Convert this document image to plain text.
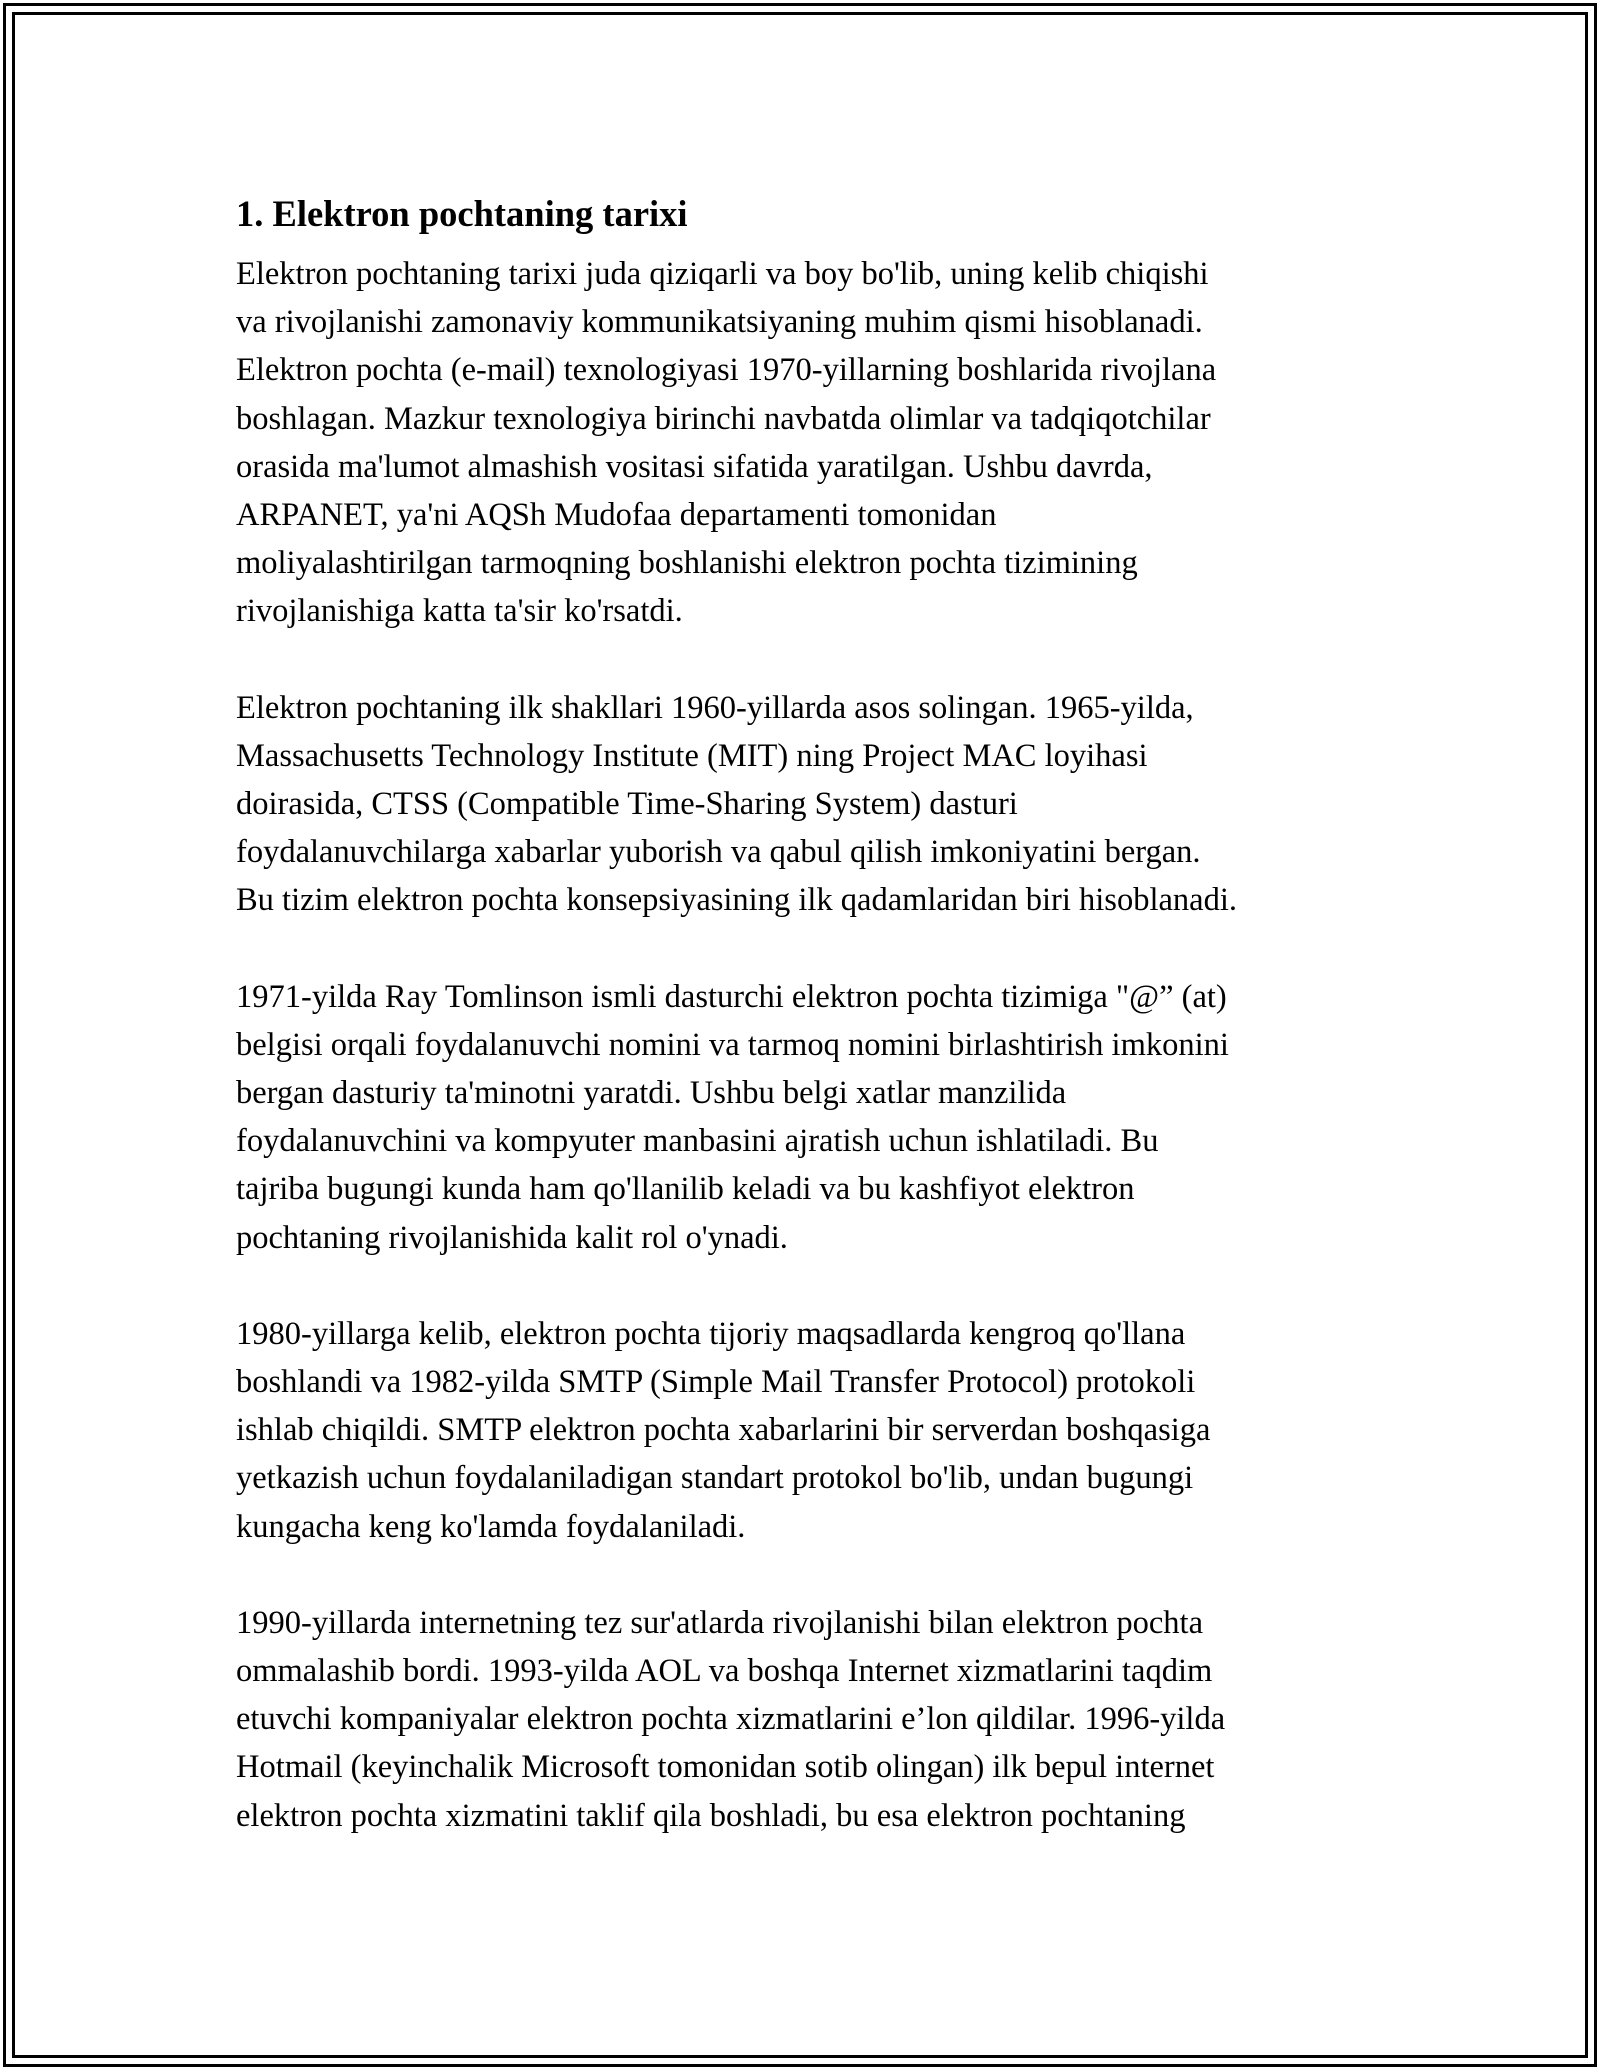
1. Elektron pochtaning tarixi

Elektron pochtaning tarixi juda qiziqarli va boy bo'lib, uning kelib chiqishi
va rivojlanishi zamonaviy kommunikatsiyaning muhim qismi hisoblanadi.
Elektron pochta (e-mail) texnologiyasi 1970-yillarning boshlarida rivojlana
boshlagan. Mazkur texnologiya birinchi navbatda olimlar va tadqiqotchilar
orasida ma'lumot almashish vositasi sifatida yaratilgan. Ushbu davrda,
ARPANET, ya'ni AQSh Mudofaa departamenti tomonidan
moliyalashtirilgan tarmoqning boshlanishi elektron pochta tizimining
rivojlanishiga katta ta'sir ko'rsatdi.

Elektron pochtaning ilk shakllari 1960-yillarda asos solingan. 1965-yilda,
Massachusetts Technology Institute (MIT) ning Project MAC loyihasi
doirasida, CTSS (Compatible Time-Sharing System) dasturi
foydalanuvchilarga xabarlar yuborish va qabul qilish imkoniyatini bergan.
Bu tizim elektron pochta konsepsiyasining ilk qadamlaridan biri hisoblanadi.

1971-yilda Ray Tomlinson ismli dasturchi elektron pochta tizimiga "@” (at)
belgisi orqali foydalanuvchi nomini va tarmoq nomini birlashtirish imkonini
bergan dasturiy ta'minotni yaratdi. Ushbu belgi xatlar manzilida
foydalanuvchini va kompyuter manbasini ajratish uchun ishlatiladi. Bu
tajriba bugungi kunda ham qo'llanilib keladi va bu kashfiyot elektron
pochtaning rivojlanishida kalit rol o'ynadi.

1980-yillarga kelib, elektron pochta tijoriy maqsadlarda kengroq qo'llana
boshlandi va 1982-yilda SMTP (Simple Mail Transfer Protocol) protokoli
ishlab chiqildi. SMTP elektron pochta xabarlarini bir serverdan boshqasiga
yetkazish uchun foydalaniladigan standart protokol bo'lib, undan bugungi
kungacha keng ko'lamda foydalaniladi.

1990-yillarda internetning tez sur'atlarda rivojlanishi bilan elektron pochta
ommalashib bordi. 1993-yilda AOL va boshqa Internet xizmatlarini taqdim
etuvchi kompaniyalar elektron pochta xizmatlarini e’lon qildilar. 1996-yilda
Hotmail (keyinchalik Microsoft tomonidan sotib olingan) ilk bepul internet
elektron pochta xizmatini taklif qila boshladi, bu esa elektron pochtaning
